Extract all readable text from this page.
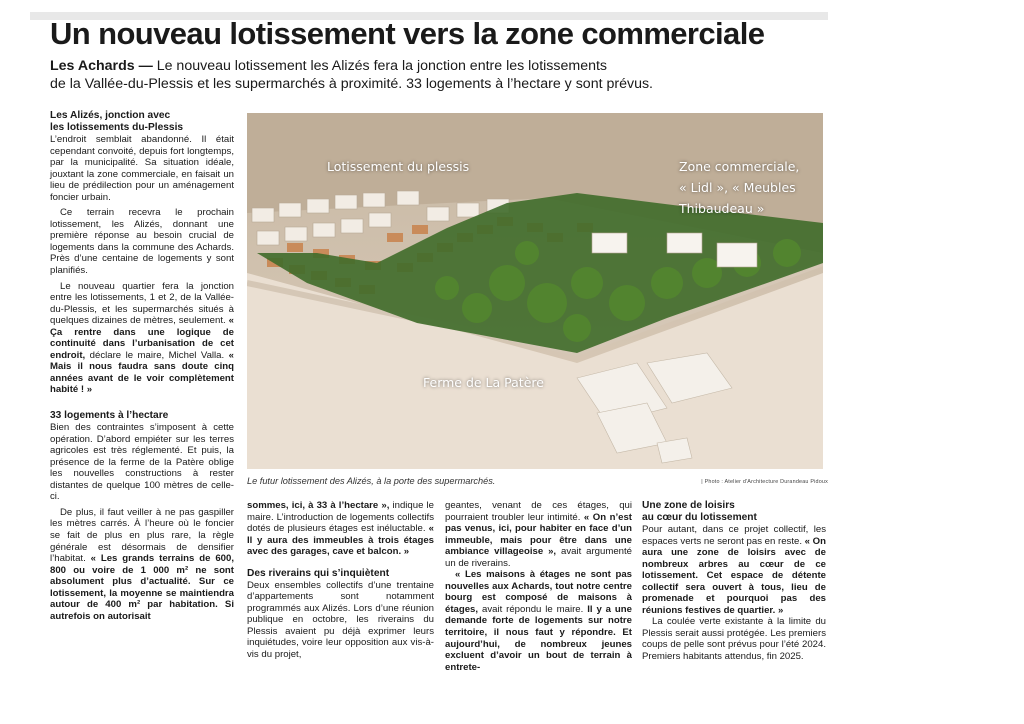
Un nouveau lotissement vers la zone commerciale
Les Achards — Le nouveau lotissement les Alizés fera la jonction entre les lotissements
de la Vallée-du-Plessis et les supermarchés à proximité. 33 logements à l’hectare y sont prévus.
Les Alizés, jonction avec
les lotissements du-Plessis

L’endroit semblait abandonné. Il était cependant convoité, depuis fort longtemps, par la municipalité. Sa situation idéale, jouxtant la zone commerciale, en faisait un lieu de prédilection pour un aménagement foncier urbain.

Ce terrain recevra le prochain lotissement, les Alizés, donnant une première réponse au besoin crucial de logements dans la commune des Achards. Près d’une centaine de logements y sont planifiés.

Le nouveau quartier fera la jonction entre les lotissements, 1 et 2, de la Vallée-du-Plessis, et les supermarchés situés à quelques dizaines de mètres, seulement. « Ça rentre dans une logique de continuité dans l’urbanisation de cet endroit, déclare le maire, Michel Valla. « Mais il nous faudra sans doute cinq années avant de le voir complètement habité ! »

33 logements à l’hectare

Bien des contraintes s’imposent à cette opération. D’abord empiéter sur les terres agricoles est très réglementé. Et puis, la présence de la ferme de la Patère oblige les nouvelles constructions à rester distantes de quelque 100 mètres de celle-ci.

De plus, il faut veiller à ne pas gaspiller les mètres carrés. À l’heure où le foncier se fait de plus en plus rare, la règle générale est désormais de densifier l’habitat. « Les grands terrains de 600, 800 ou voire de 1 000 m² ne sont absolument plus d’actualité. Sur ce lotissement, la moyenne se maintiendra autour de 400 m² par habitation. Si autrefois on autorisait

Lotissement du plessis	Zone commerciale,
« Lidl », « Meubles
Thibaudeau »
Ferme de La Patère
Le futur lotissement des Alizés, à la porte des supermarchés.	| Photo : Atelier d'Architecture Durandeau Pidoux

sommes, ici, à 33 à l’hectare », indique le maire. L’introduction de logements collectifs dotés de plusieurs étages est inéluctable. « Il y aura des immeubles à trois étages avec des garages, cave et balcon. »

Des riverains qui s’inquiètent

Deux ensembles collectifs d’une trentaine d’appartements sont notamment programmés aux Alizés. Lors d’une réunion publique en octobre, les riverains du Plessis avaient pu déjà exprimer leurs inquiétudes, voire leur opposition aux vis-à-vis du projet,

geantes, venant de ces étages, qui pourraient troubler leur intimité. « On n’est pas venus, ici, pour habiter en face d’un immeuble, mais pour être dans une ambiance villageoise », avait argumenté un de riverains.

« Les maisons à étages ne sont pas nouvelles aux Achards, tout notre centre bourg est composé de maisons à étages, avait répondu le maire. Il y a une demande forte de logements sur notre territoire, il nous faut y répondre. Et aujourd’hui, de nombreux jeunes excluent d’avoir un bout de terrain à entrete-

Une zone de loisirs
au cœur du lotissement

Pour autant, dans ce projet collectif, les espaces verts ne seront pas en reste. « On aura une zone de loisirs avec de nombreux arbres au cœur de ce lotissement. Cet espace de détente collectif sera ouvert à tous, lieu de promenade et pourquoi pas des réunions festives de quartier. »

La coulée verte existante à la limite du Plessis serait aussi protégée. Les premiers coups de pelle sont prévus pour l’été 2024. Premiers habitants attendus, fin 2025.
